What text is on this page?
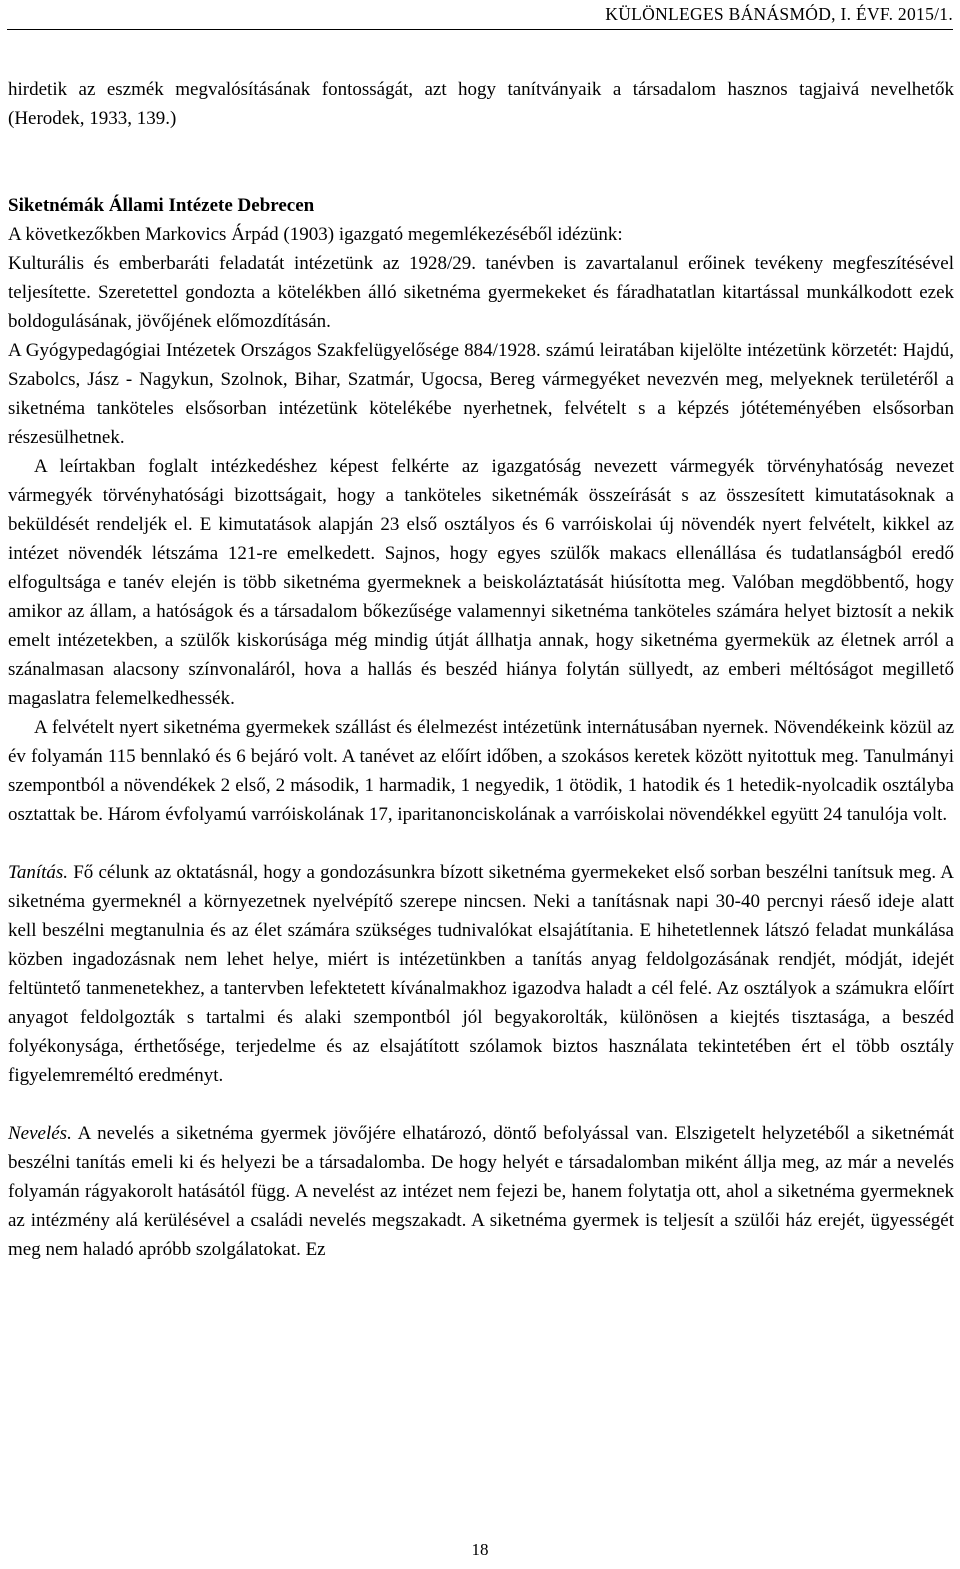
KÜLÖNLEGES BÁNÁSMÓD, I. ÉVF. 2015/1.

hirdetik az eszmék megvalósításának fontosságát, azt hogy tanítványaik a társadalom hasznos tagjaivá nevelhetők (Herodek, 1933, 139.)

Siketnémák Állami Intézete Debrecen

A következőkben Markovics Árpád (1903) igazgató megemlékezéséből idézünk:

Kulturális és emberbaráti feladatát intézetünk az 1928/29. tanévben is zavartalanul erőinek tevékeny megfeszítésével teljesítette. Szeretettel gondozta a kötelékben álló siketnéma gyermekeket és fáradhatatlan kitartással munkálkodott ezek boldogulásának, jövőjének előmozdításán.

A Gyógypedagógiai Intézetek Országos Szakfelügyelősége 884/1928. számú leiratában kijelölte intézetünk körzetét: Hajdú, Szabolcs, Jász - Nagykun, Szolnok, Bihar, Szatmár, Ugocsa, Bereg vármegyéket nevezvén meg, melyeknek területéről a siketnéma tanköteles elsősorban intézetünk kötelékébe nyerhetnek, felvételt s a képzés jótéteményében elsősorban részesülhetnek.

A leírtakban foglalt intézkedéshez képest felkérte az igazgatóság nevezett vármegyék törvényhatóság nevezet vármegyék törvényhatósági bizottságait, hogy a tanköteles siketnémák összeírását s az összesített kimutatásoknak a beküldését rendeljék el. E kimutatások alapján 23 első osztályos és 6 varróiskolai új növendék nyert felvételt, kikkel az intézet növendék létszáma 121-re emelkedett. Sajnos, hogy egyes szülők makacs ellenállása és tudatlanságból eredő elfogultsága e tanév elején is több siketnéma gyermeknek a beiskoláztatását hiúsította meg. Valóban megdöbbentő, hogy amikor az állam, a hatóságok és a társadalom bőkezűsége valamennyi siketnéma tanköteles számára helyet biztosít a nekik emelt intézetekben, a szülők kiskorúsága még mindig útját állhatja annak, hogy siketnéma gyermekük az életnek arról a szánalmasan alacsony színvonaláról, hova a hallás és beszéd hiánya folytán süllyedt, az emberi méltóságot megillető magaslatra felemelkedhessék.

A felvételt nyert siketnéma gyermekek szállást és élelmezést intézetünk internátusában nyernek. Növendékeink közül az év folyamán 115 bennlakó és 6 bejáró volt. A tanévet az előírt időben, a szokásos keretek között nyitottuk meg. Tanulmányi szempontból a növendékek 2 első, 2 második, 1 harmadik, 1 negyedik, 1 ötödik, 1 hatodik és 1 hetedik-nyolcadik osztályba osztattak be. Három évfolyamú varróiskolának 17, iparitanonciskolának a varróiskolai növendékkel együtt 24 tanulója volt.

Tanítás. Fő célunk az oktatásnál, hogy a gondozásunkra bízott siketnéma gyermekeket első sorban beszélni tanítsuk meg. A siketnéma gyermeknél a környezetnek nyelvépítő szerepe nincsen. Neki a tanításnak napi 30-40 percnyi ráeső ideje alatt kell beszélni megtanulnia és az élet számára szükséges tudnivalókat elsajátítania. E hihetetlennek látszó feladat munkálása közben ingadozásnak nem lehet helye, miért is intézetünkben a tanítás anyag feldolgozásának rendjét, módját, idejét feltüntető tanmenetekhez, a tantervben lefektetett kívánalmakhoz igazodva haladt a cél felé. Az osztályok a számukra előírt anyagot feldolgozták s tartalmi és alaki szempontból jól begyakorolták, különösen a kiejtés tisztasága, a beszéd folyékonysága, érthetősége, terjedelme és az elsajátított szólamok biztos használata tekintetében ért el több osztály figyelemreméltó eredményt.

Nevelés. A nevelés a siketnéma gyermek jövőjére elhatározó, döntő befolyással van. Elszigetelt helyzetéből a siketnémát beszélni tanítás emeli ki és helyezi be a társadalomba. De hogy helyét e társadalomban miként állja meg, az már a nevelés folyamán rágyakorolt hatásától függ. A nevelést az intézet nem fejezi be, hanem folytatja ott, ahol a siketnéma gyermeknek az intézmény alá kerülésével a családi nevelés megszakadt. A siketnéma gyermek is teljesít a szülői ház erejét, ügyességét meg nem haladó apróbb szolgálatokat. Ez

18
